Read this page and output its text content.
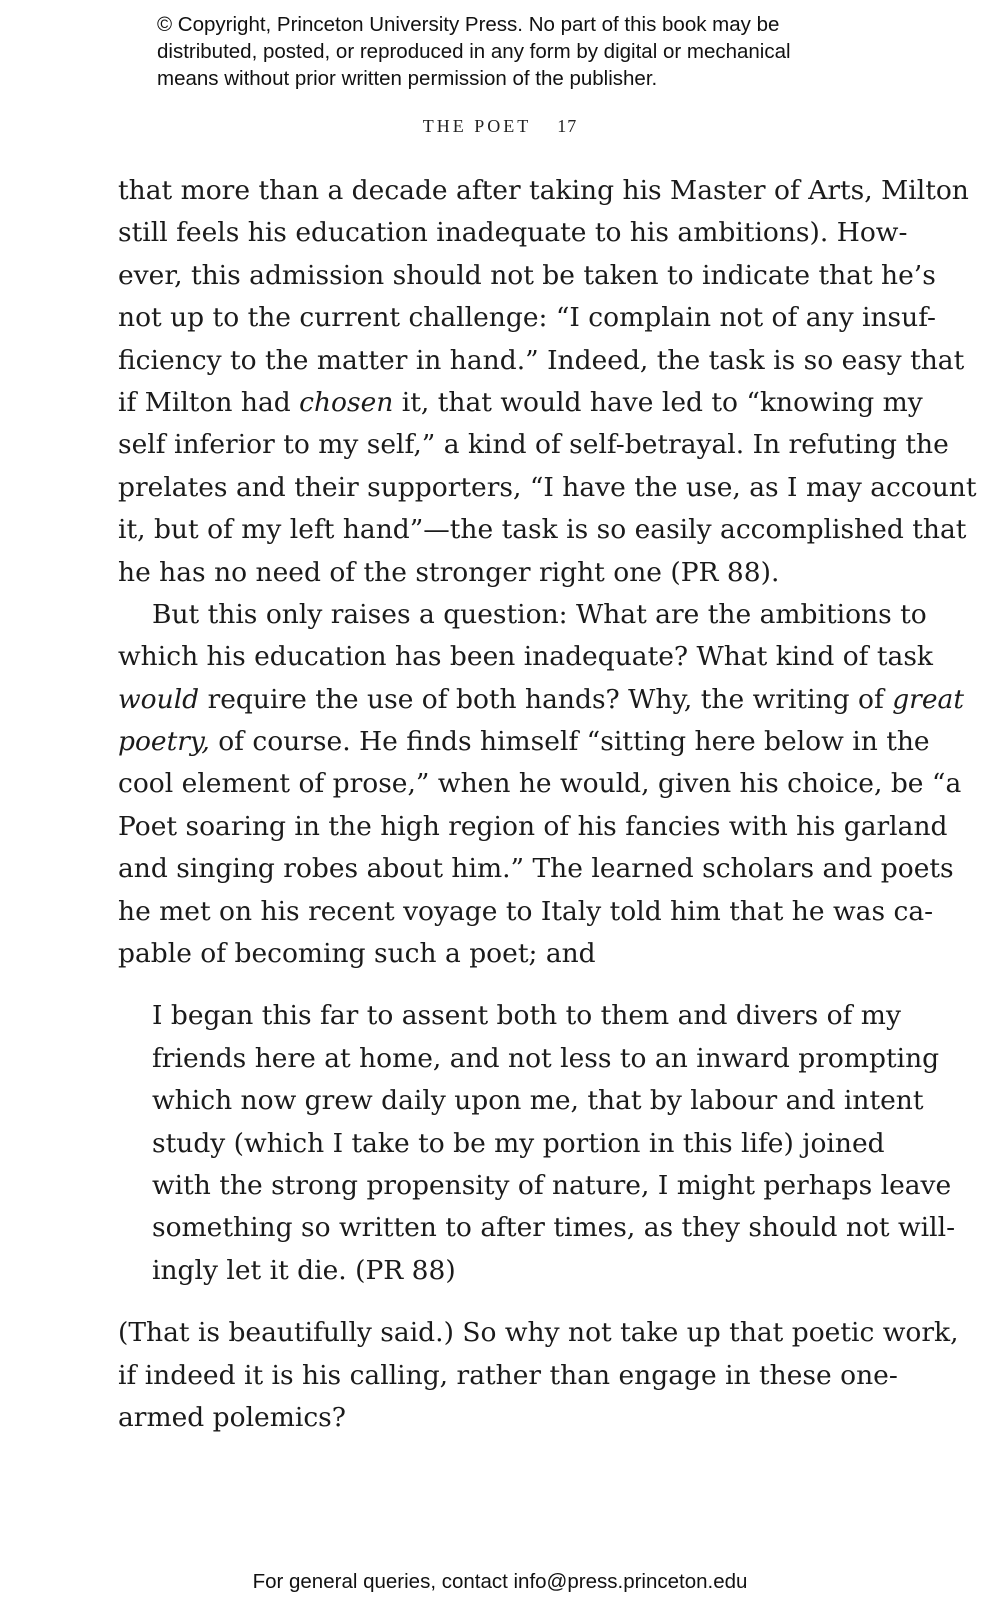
© Copyright, Princeton University Press. No part of this book may be
distributed, posted, or reproduced in any form by digital or mechanical
means without prior written permission of the publisher.
THE POET 17
that more than a decade after taking his Master of Arts, Milton
still feels his education inadequate to his ambitions). How-
ever, this admission should not be taken to indicate that he’s
not up to the current challenge: “I complain not of any insuf-
ficiency to the matter in hand.” Indeed, the task is so easy that
if Milton had chosen it, that would have led to “knowing my
self inferior to my self,” a kind of self-betrayal. In refuting the
prelates and their supporters, “I have the use, as I may account
it, but of my left hand”—the task is so easily accomplished that
he has no need of the stronger right one (PR 88).
But this only raises a question: What are the ambitions to
which his education has been inadequate? What kind of task
would require the use of both hands? Why, the writing of great
poetry, of course. He finds himself “sitting here below in the
cool element of prose,” when he would, given his choice, be “a
Poet soaring in the high region of his fancies with his garland
and singing robes about him.” The learned scholars and poets
he met on his recent voyage to Italy told him that he was ca-
pable of becoming such a poet; and
I began this far to assent both to them and divers of my
friends here at home, and not less to an inward prompting
which now grew daily upon me, that by labour and intent
study (which I take to be my portion in this life) joined
with the strong propensity of nature, I might perhaps leave
something so written to after times, as they should not will-
ingly let it die. (PR 88)
(That is beautifully said.) So why not take up that poetic work,
if indeed it is his calling, rather than engage in these one-
armed polemics?
For general queries, contact info@press.princeton.edu
